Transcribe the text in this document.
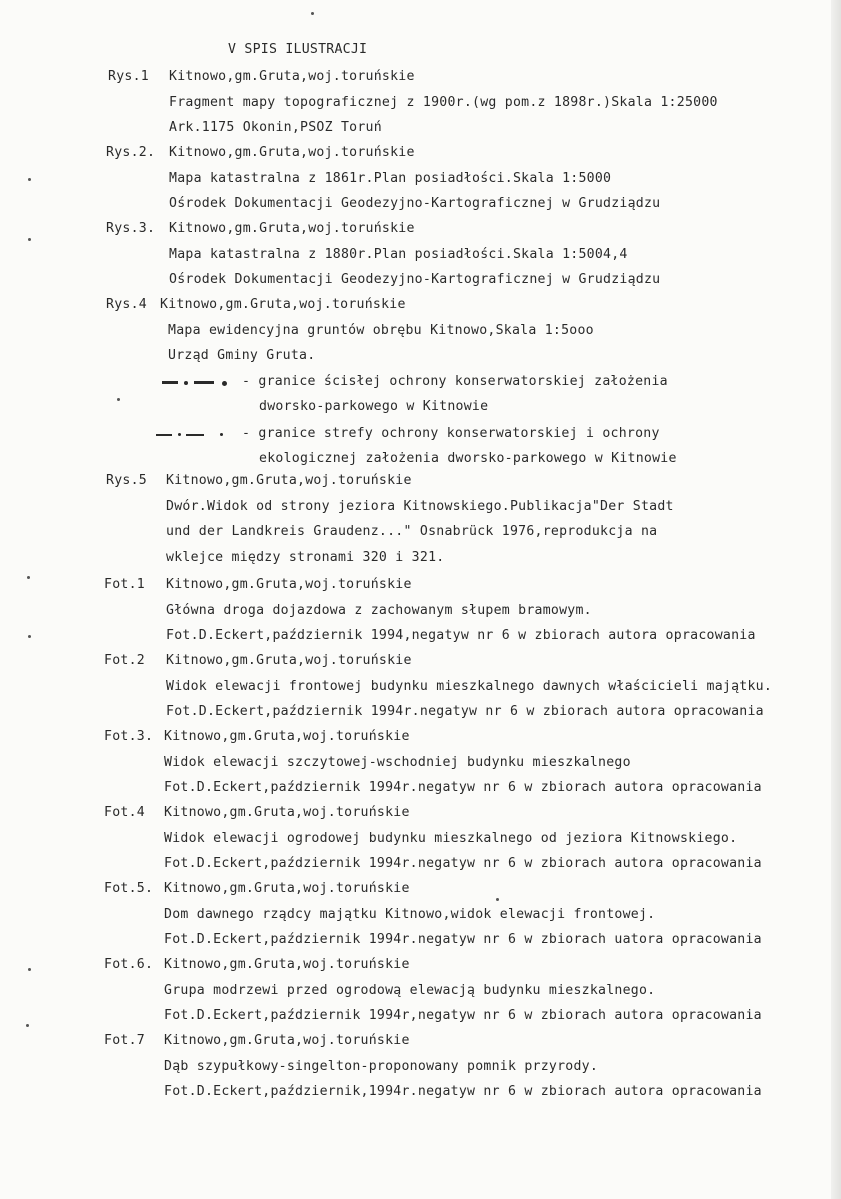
V SPIS ILUSTRACJI
Rys.1 Kitnowo,gm.Gruta,woj.toruńskie
Fragment mapy topograficznej z 1900r.(wg pom.z 1898r.)Skala 1:25000
Ark.1175 Okonin,PSOZ Toruń
Rys.2. Kitnowo,gm.Gruta,woj.toruńskie
Mapa katastralna z 1861r.Plan posiadłości.Skala 1:5000
Ośrodek Dokumentacji Geodezyjno-Kartograficznej w Grudziądzu
Rys.3. Kitnowo,gm.Gruta,woj.toruńskie
Mapa katastralna z 1880r.Plan posiadłości.Skala 1:5004,4
Ośrodek Dokumentacji Geodezyjno-Kartograficznej w Grudziądzu
Rys.4 Kitnowo,gm.Gruta,woj.toruńskie
Mapa ewidencyjna gruntów obrębu Kitnowo,Skala 1:5ooo
Urząd Gminy Gruta.
Rys.5 Kitnowo,gm.Gruta,woj.toruńskie
Dwór.Widok od strony jeziora Kitnowskiego.Publikacja"Der Stadt
und der Landkreis Graudenz..." Osnabrück 1976,reprodukcja na
wklejce między stronami 320 i 321.
Fot.1 Kitnowo,gm.Gruta,woj.toruńskie
Główna droga dojazdowa z zachowanym słupem bramowym.
Fot.D.Eckert,październik 1994,negatyw nr 6 w zbiorach autora opracowania
Fot.2 Kitnowo,gm.Gruta,woj.toruńskie
Widok elewacji frontowej budynku mieszkalnego dawnych właścicieli majątku.
Fot.D.Eckert,październik 1994r.negatyw nr 6 w zbiorach autora opracowania
Fot.3. Kitnowo,gm.Gruta,woj.toruńskie
Widok elewacji szczytowej-wschodniej budynku mieszkalnego
Fot.D.Eckert,październik 1994r.negatyw nr 6 w zbiorach autora opracowania
Fot.4 Kitnowo,gm.Gruta,woj.toruńskie
Widok elewacji ogrodowej budynku mieszkalnego od jeziora Kitnowskiego.
Fot.D.Eckert,październik 1994r.negatyw nr 6 w zbiorach autora opracowania
Fot.5. Kitnowo,gm.Gruta,woj.toruńskie
Dom dawnego rządcy majątku Kitnowo,widok elewacji frontowej.
Fot.D.Eckert,październik 1994r.negatyw nr 6 w zbiorach uatora opracowania
Fot.6. Kitnowo,gm.Gruta,woj.toruńskie
Grupa modrzewi przed ogrodową elewacją budynku mieszkalnego.
Fot.D.Eckert,październik 1994r,negatyw nr 6 w zbiorach autora opracowania
Fot.7 Kitnowo,gm.Gruta,woj.toruńskie
Dąb szypułkowy-singelton-proponowany pomnik przyrody.
Fot.D.Eckert,październik,1994r.negatyw nr 6 w zbiorach autora opracowania
- granice ścisłej ochrony konserwatorskiej założenia
dworsko-parkowego w Kitnowie
- granice strefy ochrony konserwatorskiej i ochrony
ekologicznej założenia dworsko-parkowego w Kitnowie
